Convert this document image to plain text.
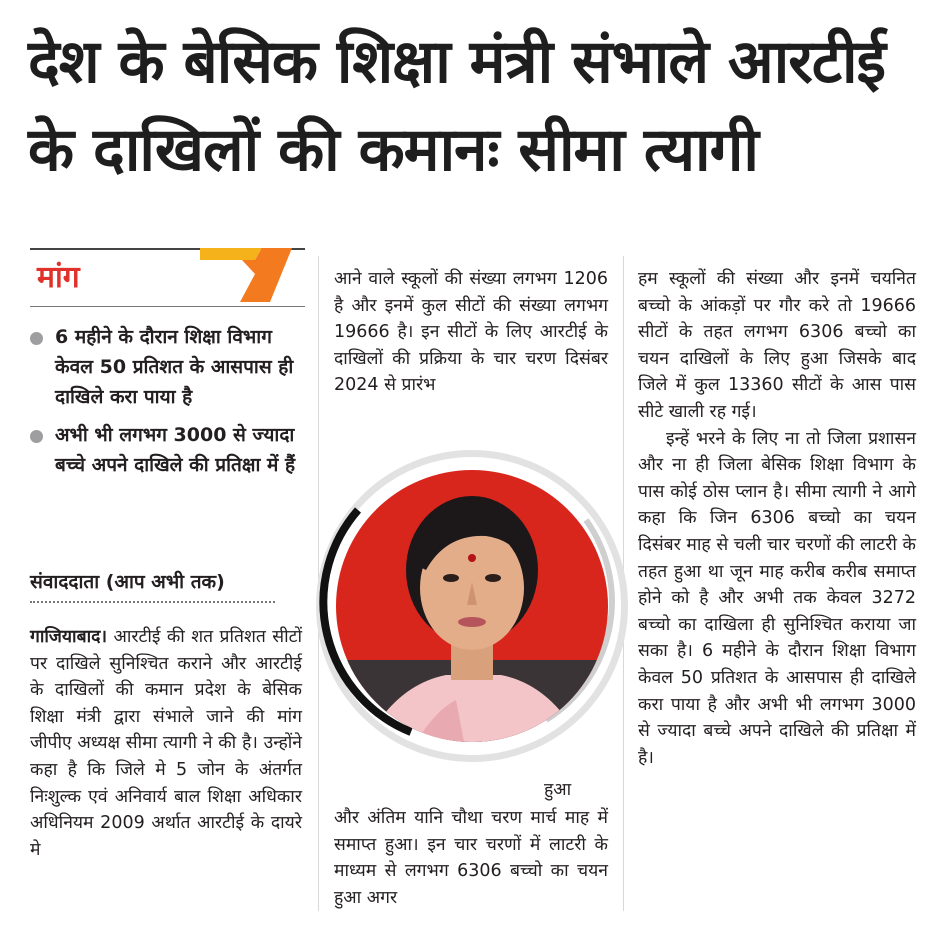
देश के बेसिक शिक्षा मंत्री संभाले आरटीई
के दाखिलों की कमानः सीमा त्यागी
मांग
6 महीने के दौरान शिक्षा विभाग केवल 50 प्रतिशत के आसपास ही दाखिले करा पाया है
अभी भी लगभग 3000 से ज्यादा बच्चे अपने दाखिले की प्रतिक्षा में हैं
संवाददाता (आप अभी तक)

गाजियाबाद। आरटीई की शत प्रतिशत सीटों पर दाखिले सुनिश्चित कराने और आरटीई के दाखिलों की कमान प्रदेश के बेसिक शिक्षा मंत्री द्वारा संभाले जाने की मांग जीपीए अध्यक्ष सीमा त्यागी ने की है। उन्होंने कहा है कि जिले मे 5 जोन के अंतर्गत निःशुल्क एवं अनिवार्य बाल शिक्षा अधिकार अधिनियम 2009 अर्थात आरटीई के दायरे मे

आने वाले स्कूलों की संख्या लगभग 1206 है और इनमें कुल सीटों की संख्या लगभग 19666 है। इन सीटों के लिए आरटीई के दाखिलों की प्रक्रिया के चार चरण दिसंबर 2024 से प्रारंभ

हुआ

और अंतिम यानि चौथा चरण मार्च माह में समाप्त हुआ। इन चार चरणों में लाटरी के माध्यम से लगभग 6306 बच्चो का चयन हुआ अगर

हम स्कूलों की संख्या और इनमें चयनित बच्चो के आंकड़ों पर गौर करे तो 19666 सीटों के तहत लगभग 6306 बच्चो का चयन दाखिलों के लिए हुआ जिसके बाद जिले में कुल 13360 सीटों के आस पास सीटे खाली रह गई।

इन्हें भरने के लिए ना तो जिला प्रशासन और ना ही जिला बेसिक शिक्षा विभाग के पास कोई ठोस प्लान है। सीमा त्यागी ने आगे कहा कि जिन 6306 बच्चो का चयन दिसंबर माह से चली चार चरणों की लाटरी के तहत हुआ था जून माह करीब करीब समाप्त होने को है और अभी तक केवल 3272 बच्चो का दाखिला ही सुनिश्चित कराया जा सका है। 6 महीने के दौरान शिक्षा विभाग केवल 50 प्रतिशत के आसपास ही दाखिले करा पाया है और अभी भी लगभग 3000 से ज्यादा बच्चे अपने दाखिले की प्रतिक्षा में है।
